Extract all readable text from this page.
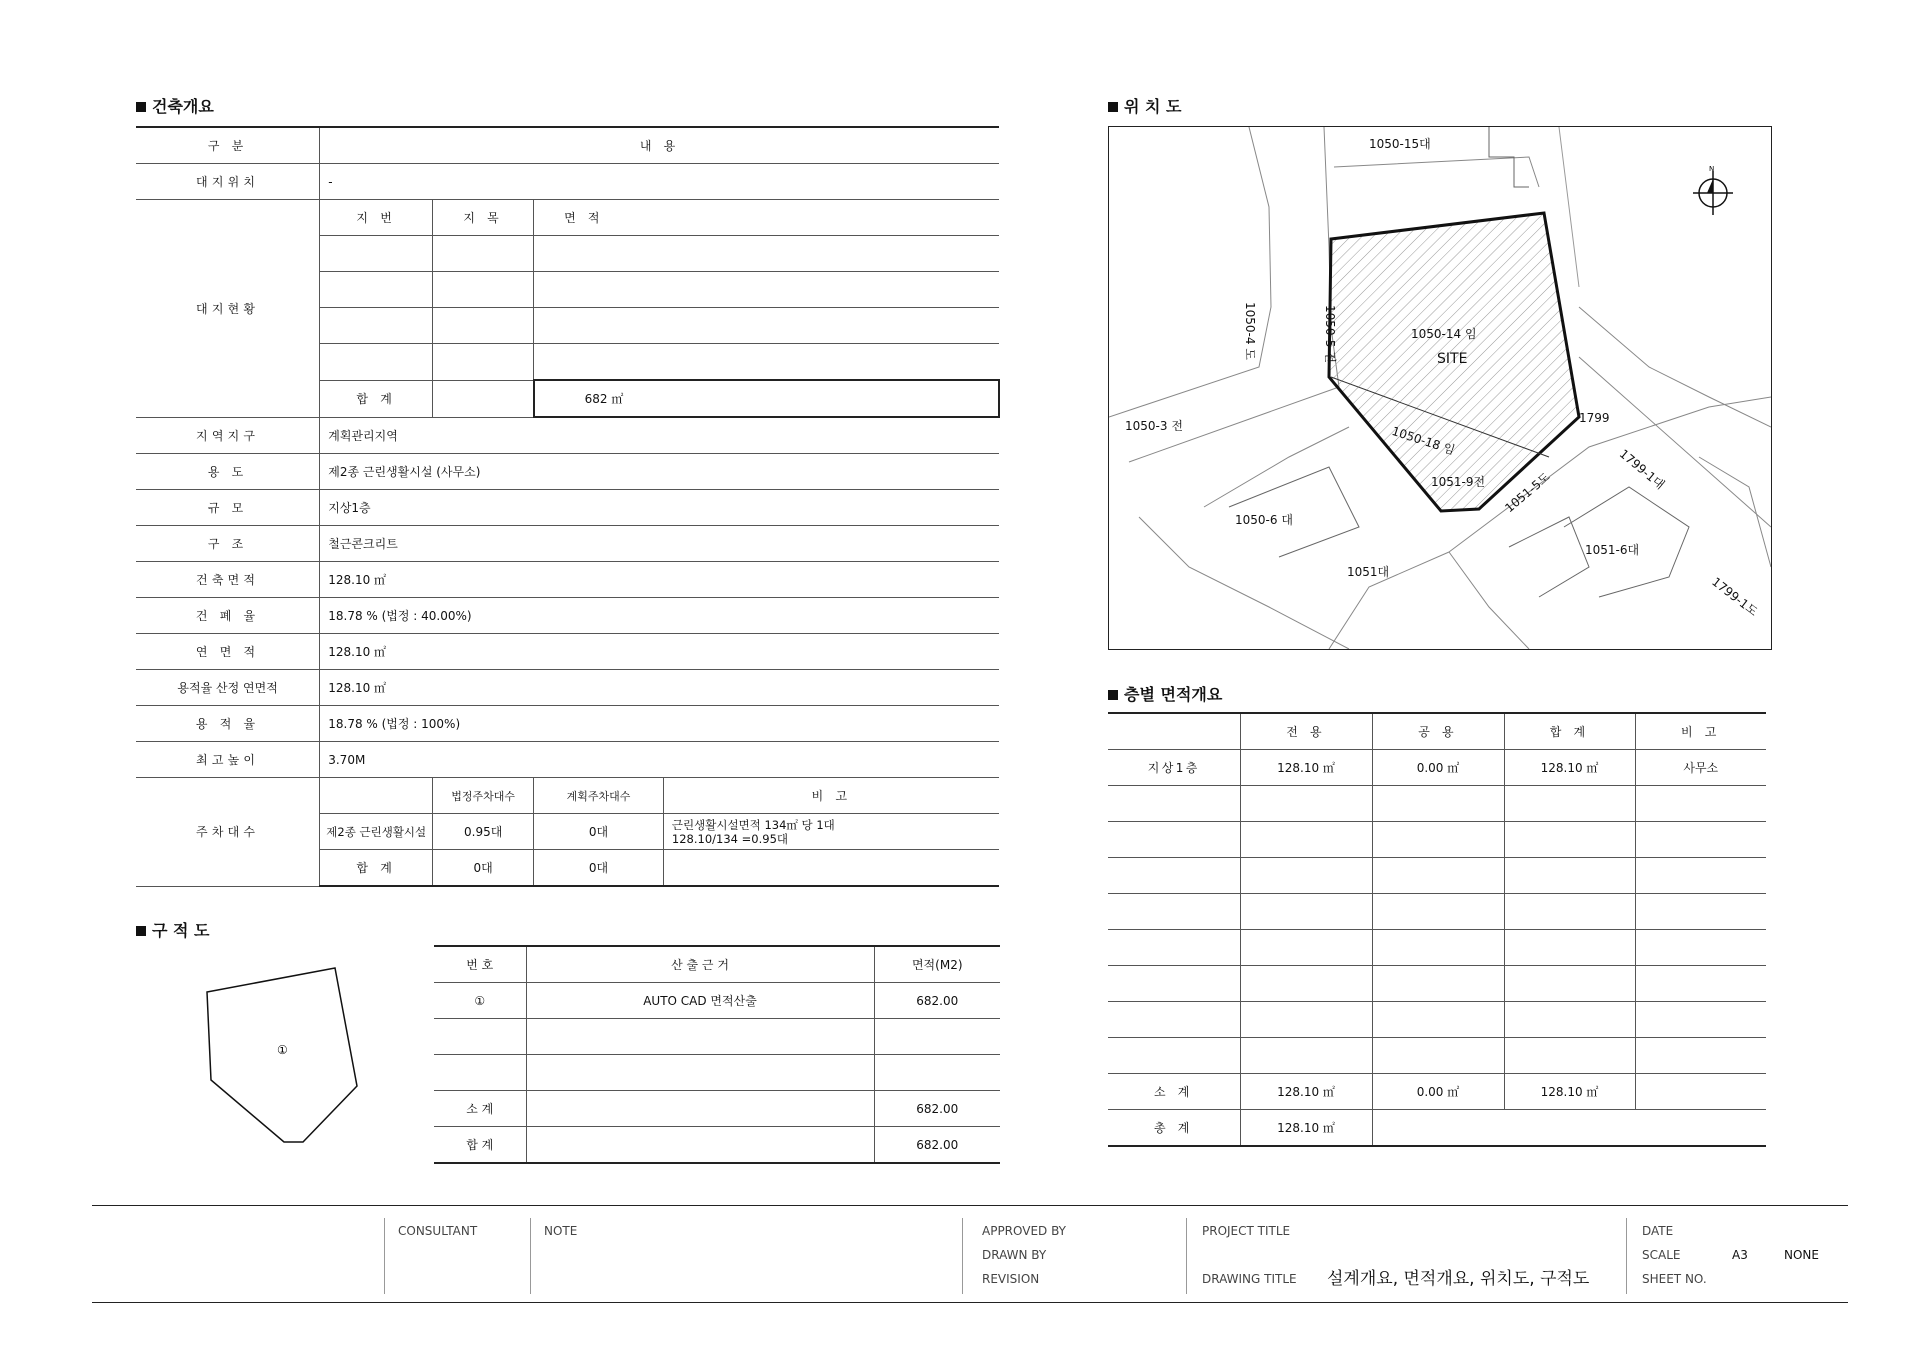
건축개요
구 분	내 용			
대지위치	-			
대지현황	지 번	지 목	면 적	

	합 계		682 ㎡	
지역지구	계획관리지역			
용 도	제2종 근린생활시설 (사무소)			
규 모	지상1층			
구 조	철근콘크리트			
건축면적	128.10 ㎡			
건 폐 율	18.78 % (법정 : 40.00%)			
연 면 적	128.10 ㎡			
용적율 산정 연면적	128.10 ㎡			
용 적 율	18.78 % (법정 : 100%)			
최고높이	3.70M			
주차대수		법정주차대수	계획주차대수	비 고
	제2종 근린생활시설	0.95대	0대	근린생활시설면적 134㎡ 당 1대
128.10/134 =0.95대

	합 계	0대	0대	
구 적 도
①
번 호	산 출 근 거	면적(M2)
①	AUTO CAD 면적산출	682.00

소 계		682.00
합 계		682.00
위 치 도
N
1050-15대
1050-4 도	1050-5 전	1050-14 임
SITE
1050-3 전	1050-18 임
1799
1799-1대
1051-9전 1051-5도
1050-6 대
1051-6대
1051대
1799-1도
층별 면적개요
	전 용	공 용	합 계	비 고
지상1층	128.10 ㎡	0.00 ㎡	128.10 ㎡	사무소

소 계	128.10 ㎡	0.00 ㎡	128.10 ㎡	
총 계	128.10 ㎡			
CONSULTANT	NOTE	APPROVED BY
DRAWN BY
REVISION
PROJECT TITLE
DRAWING TITLE 설계개요, 면적개요, 위치도, 구적도
DATE
SCALE	A3	NONE
SHEET NO.
